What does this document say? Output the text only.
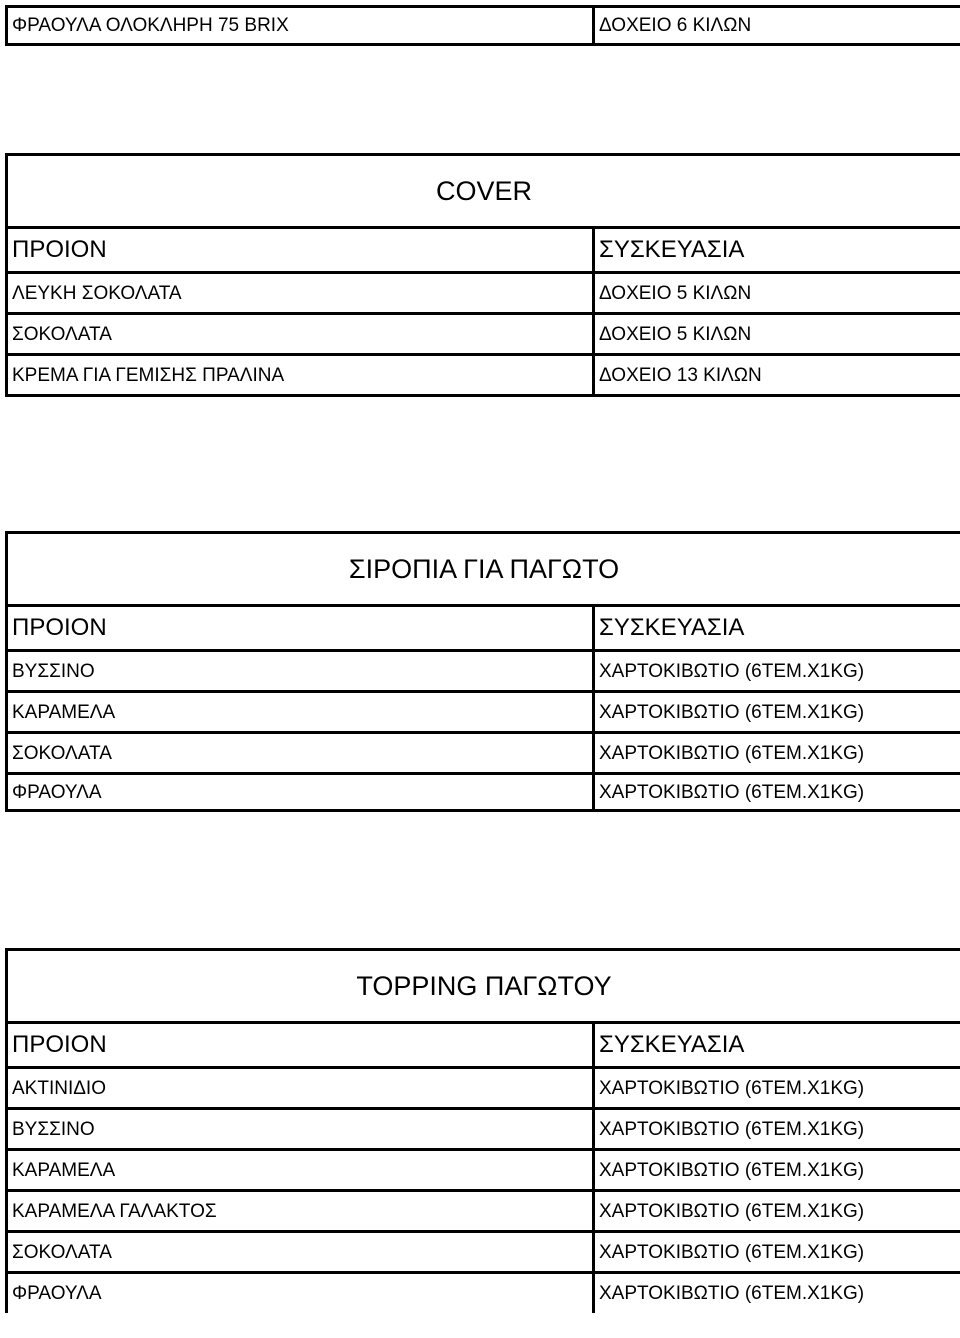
ΦΡΑΟΥΛΑ ΟΛΟΚΛΗΡΗ 75 BRIX	ΔΟΧΕΙΟ 6 ΚΙΛΩΝ
COVER	
ΠΡΟΙΟΝ	ΣΥΣΚΕΥΑΣΙΑ
ΛΕΥΚΗ ΣΟΚΟΛΑΤΑ	ΔΟΧΕΙΟ 5 ΚΙΛΩΝ
ΣΟΚΟΛΑΤΑ	ΔΟΧΕΙΟ 5 ΚΙΛΩΝ
ΚΡΕΜΑ ΓΙΑ ΓΕΜΙΣΗΣ ΠΡΑΛΙΝΑ	ΔΟΧΕΙΟ 13 ΚΙΛΩΝ
ΣΙΡΟΠΙΑ ΓΙΑ ΠΑΓΩΤΟ	
ΠΡΟΙΟΝ	ΣΥΣΚΕΥΑΣΙΑ
ΒΥΣΣΙΝΟ	ΧΑΡΤΟΚΙΒΩΤΙΟ (6ΤΕΜ.Χ1KG)
ΚΑΡΑΜΕΛΑ	ΧΑΡΤΟΚΙΒΩΤΙΟ (6ΤΕΜ.Χ1KG)
ΣΟΚΟΛΑΤΑ	ΧΑΡΤΟΚΙΒΩΤΙΟ (6ΤΕΜ.Χ1KG)
ΦΡΑΟΥΛΑ	ΧΑΡΤΟΚΙΒΩΤΙΟ (6ΤΕΜ.Χ1KG)
TOPPING ΠΑΓΩΤΟΥ	
ΠΡΟΙΟΝ	ΣΥΣΚΕΥΑΣΙΑ
ΑΚΤΙΝΙΔΙΟ	ΧΑΡΤΟΚΙΒΩΤΙΟ (6ΤΕΜ.Χ1KG)
ΒΥΣΣΙΝΟ	ΧΑΡΤΟΚΙΒΩΤΙΟ (6ΤΕΜ.Χ1KG)
ΚΑΡΑΜΕΛΑ	ΧΑΡΤΟΚΙΒΩΤΙΟ (6ΤΕΜ.Χ1KG)
ΚΑΡΑΜΕΛΑ ΓΑΛΑΚΤΟΣ	ΧΑΡΤΟΚΙΒΩΤΙΟ (6ΤΕΜ.Χ1KG)
ΣΟΚΟΛΑΤΑ	ΧΑΡΤΟΚΙΒΩΤΙΟ (6ΤΕΜ.Χ1KG)
ΦΡΑΟΥΛΑ	ΧΑΡΤΟΚΙΒΩΤΙΟ (6ΤΕΜ.Χ1KG)
